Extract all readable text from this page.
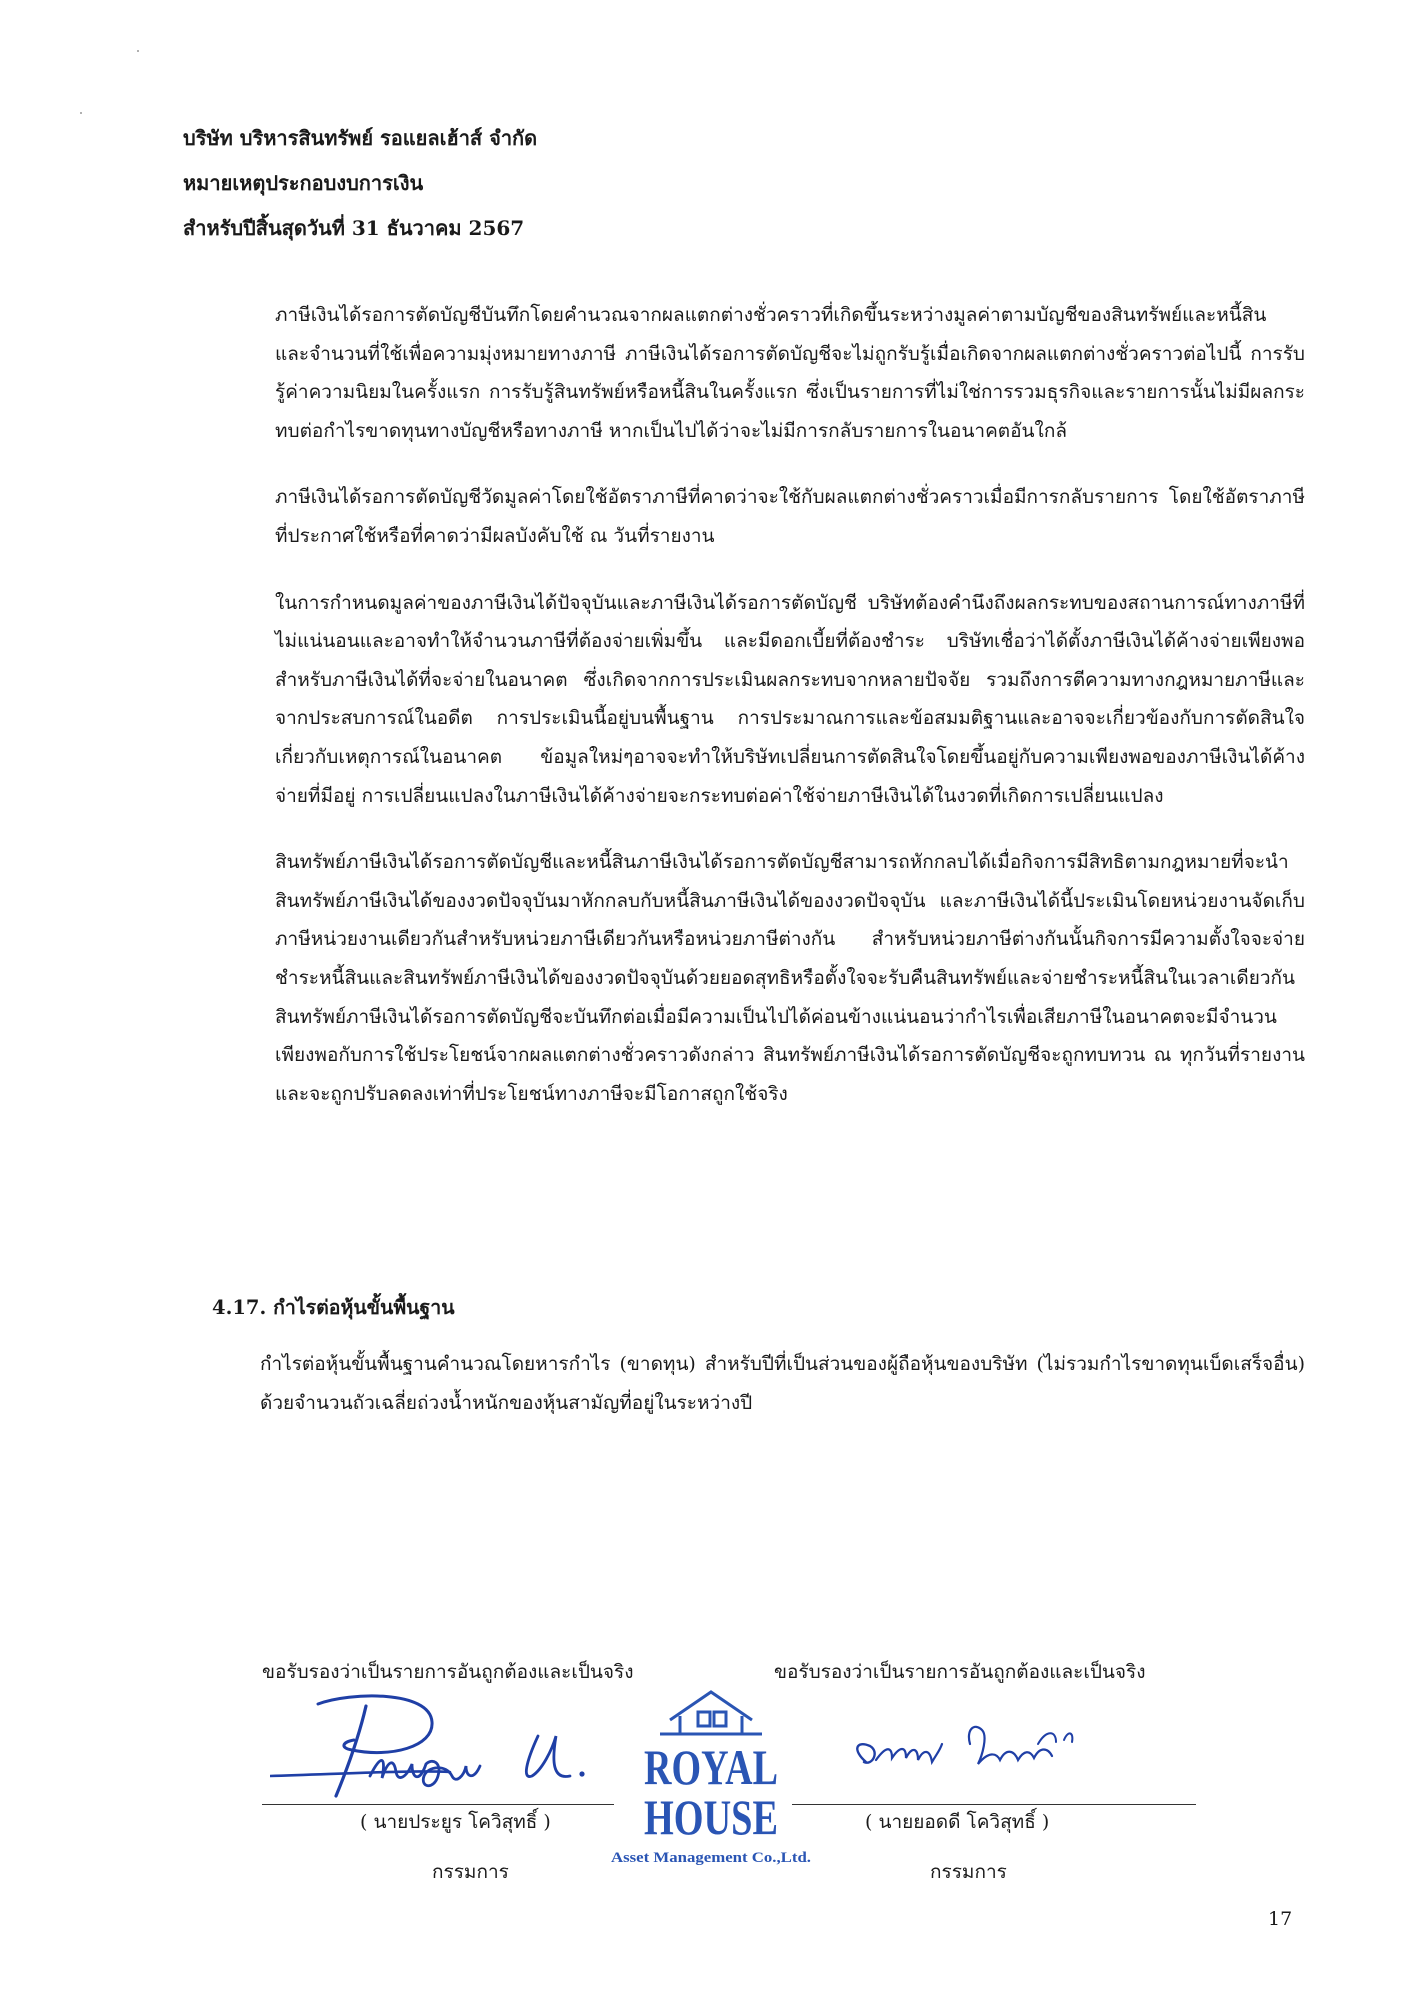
บริษัท บริหารสินทรัพย์ รอแยลเฮ้าส์ จำกัด
หมายเหตุประกอบงบการเงิน
สำหรับปีสิ้นสุดวันที่ 31 ธันวาคม 2567

ภาษีเงินได้รอการตัดบัญชีบันทึกโดยคำนวณจากผลแตกต่างชั่วคราวที่เกิดขึ้นระหว่างมูลค่าตามบัญชีของสินทรัพย์และหนี้สิน และจำนวนที่ใช้เพื่อความมุ่งหมายทางภาษี ภาษีเงินได้รอการตัดบัญชีจะไม่ถูกรับรู้เมื่อเกิดจากผลแตกต่างชั่วคราวต่อไปนี้ การรับรู้ค่าความนิยมในครั้งแรก การรับรู้สินทรัพย์หรือหนี้สินในครั้งแรก ซึ่งเป็นรายการที่ไม่ใช่การรวมธุรกิจและรายการนั้นไม่มีผลกระทบต่อกำไรขาดทุนทางบัญชีหรือทางภาษี หากเป็นไปได้ว่าจะไม่มีการกลับรายการในอนาคตอันใกล้

ภาษีเงินได้รอการตัดบัญชีวัดมูลค่าโดยใช้อัตราภาษีที่คาดว่าจะใช้กับผลแตกต่างชั่วคราวเมื่อมีการกลับรายการ โดยใช้อัตราภาษีที่ประกาศใช้หรือที่คาดว่ามีผลบังคับใช้ ณ วันที่รายงาน

ในการกำหนดมูลค่าของภาษีเงินได้ปัจจุบันและภาษีเงินได้รอการตัดบัญชี บริษัทต้องคำนึงถึงผลกระทบของสถานการณ์ทางภาษีที่ไม่แน่นอนและอาจทำให้จำนวนภาษีที่ต้องจ่ายเพิ่มขึ้น และมีดอกเบี้ยที่ต้องชำระ บริษัทเชื่อว่าได้ตั้งภาษีเงินได้ค้างจ่ายเพียงพอสำหรับภาษีเงินได้ที่จะจ่ายในอนาคต ซึ่งเกิดจากการประเมินผลกระทบจากหลายปัจจัย รวมถึงการตีความทางกฎหมายภาษีและจากประสบการณ์ในอดีต การประเมินนี้อยู่บนพื้นฐาน การประมาณการและข้อสมมติฐานและอาจจะเกี่ยวข้องกับการตัดสินใจเกี่ยวกับเหตุการณ์ในอนาคต ข้อมูลใหม่ๆอาจจะทำให้บริษัทเปลี่ยนการตัดสินใจโดยขึ้นอยู่กับความเพียงพอของภาษีเงินได้ค้างจ่ายที่มีอยู่ การเปลี่ยนแปลงในภาษีเงินได้ค้างจ่ายจะกระทบต่อค่าใช้จ่ายภาษีเงินได้ในงวดที่เกิดการเปลี่ยนแปลง

สินทรัพย์ภาษีเงินได้รอการตัดบัญชีและหนี้สินภาษีเงินได้รอการตัดบัญชีสามารถหักกลบได้เมื่อกิจการมีสิทธิตามกฎหมายที่จะนำสินทรัพย์ภาษีเงินได้ของงวดปัจจุบันมาหักกลบกับหนี้สินภาษีเงินได้ของงวดปัจจุบัน และภาษีเงินได้นี้ประเมินโดยหน่วยงานจัดเก็บภาษีหน่วยงานเดียวกันสำหรับหน่วยภาษีเดียวกันหรือหน่วยภาษีต่างกัน สำหรับหน่วยภาษีต่างกันนั้นกิจการมีความตั้งใจจะจ่ายชำระหนี้สินและสินทรัพย์ภาษีเงินได้ของงวดปัจจุบันด้วยยอดสุทธิหรือตั้งใจจะรับคืนสินทรัพย์และจ่ายชำระหนี้สินในเวลาเดียวกัน สินทรัพย์ภาษีเงินได้รอการตัดบัญชีจะบันทึกต่อเมื่อมีความเป็นไปได้ค่อนข้างแน่นอนว่ากำไรเพื่อเสียภาษีในอนาคตจะมีจำนวนเพียงพอกับการใช้ประโยชน์จากผลแตกต่างชั่วคราวดังกล่าว สินทรัพย์ภาษีเงินได้รอการตัดบัญชีจะถูกทบทวน ณ ทุกวันที่รายงาน และจะถูกปรับลดลงเท่าที่ประโยชน์ทางภาษีจะมีโอกาสถูกใช้จริง

4.17. กำไรต่อหุ้นขั้นพื้นฐาน

กำไรต่อหุ้นขั้นพื้นฐานคำนวณโดยหารกำไร (ขาดทุน) สำหรับปีที่เป็นส่วนของผู้ถือหุ้นของบริษัท (ไม่รวมกำไรขาดทุนเบ็ดเสร็จอื่น) ด้วยจำนวนถัวเฉลี่ยถ่วงน้ำหนักของหุ้นสามัญที่อยู่ในระหว่างปี

ขอรับรองว่าเป็นรายการอันถูกต้องและเป็นจริง	ขอรับรองว่าเป็นรายการอันถูกต้องและเป็นจริง
( นายประยูร โควิสุทธิ์ )	( นายยอดดี โควิสุทธิ์ )
กรรมการ	กรรมการ
ROYAL
HOUSE
Asset Management Co.,Ltd.
17
